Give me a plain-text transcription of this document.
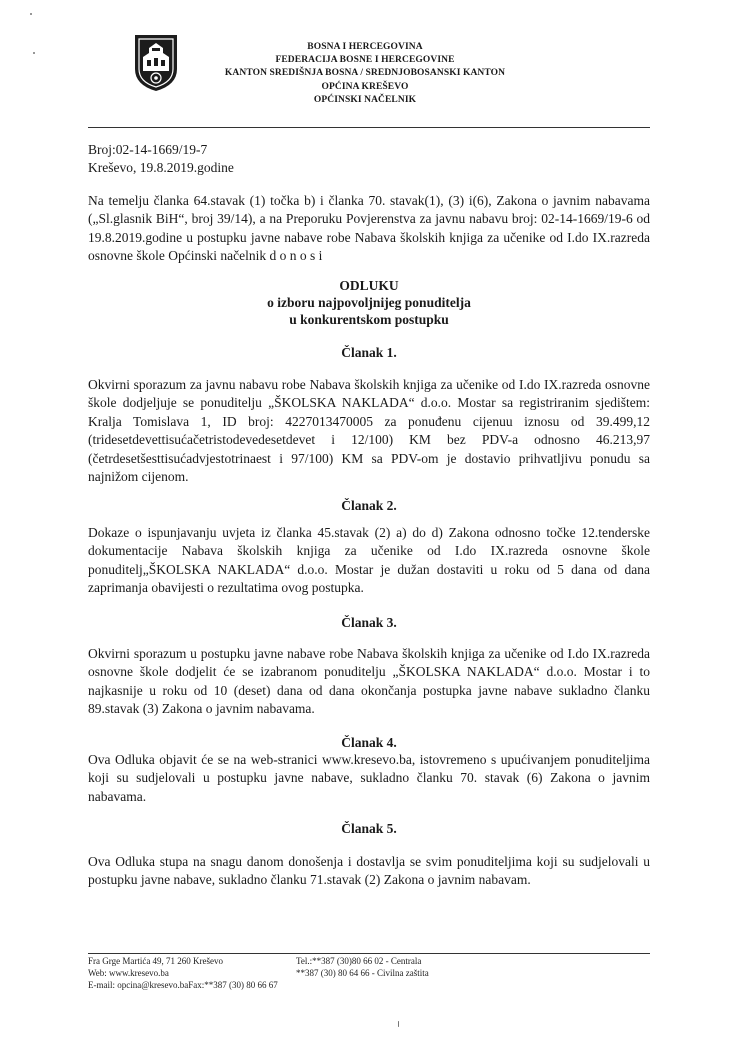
BOSNA I HERCEGOVINA
FEDERACIJA BOSNE I HERCEGOVINE
KANTON SREDIŠNJA BOSNA / SREDNJOBOSANSKI KANTON
OPĆINA KREŠEVO
OPĆINSKI NAČELNIK
Broj:02-14-1669/19-7
Kreševo, 19.8.2019.godine

Na temelju članka 64.stavak (1) točka b) i članka 70. stavak(1), (3) i(6), Zakona o javnim nabavama („Sl.glasnik BiH“, broj 39/14), a na Preporuku Povjerenstva za javnu nabavu broj: 02-14-1669/19-6 od 19.8.2019.godine u postupku javne nabave robe Nabava školskih knjiga za učenike od I.do IX.razreda osnovne škole Općinski načelnik d o n o s i

ODLUKU
o izboru najpovoljnijeg ponuditelja
u konkurentskom postupku
Članak 1.

Okvirni sporazum za javnu nabavu robe Nabava školskih knjiga za učenike od I.do IX.razreda osnovne škole dodjeljuje se ponuditelju „ŠKOLSKA NAKLADA“ d.o.o. Mostar sa registriranim sjedištem: Kralja Tomislava 1, ID broj: 4227013470005 za ponuđenu cijenuu iznosu od 39.499,12 (tridesetdevettisućačetristodevedesetdevet i 12/100) KM bez PDV-a odnosno 46.213,97 (četrdesetšesttisućadvjestotrinaest i 97/100) KM sa PDV-om je dostavio prihvatljivu ponudu sa najnižom cijenom.

Članak 2.

Dokaze o ispunjavanju uvjeta iz članka 45.stavak (2) a) do d) Zakona odnosno točke 12.tenderske dokumentacije Nabava školskih knjiga za učenike od I.do IX.razreda osnovne škole ponuditelj„ŠKOLSKA NAKLADA“ d.o.o. Mostar je dužan dostaviti u roku od 5 dana od dana zaprimanja obavijesti o rezultatima ovog postupka.

Članak 3.

Okvirni sporazum u postupku javne nabave robe Nabava školskih knjiga za učenike od I.do IX.razreda osnovne škole dodjelit će se izabranom ponuditelju „ŠKOLSKA NAKLADA“ d.o.o. Mostar i to najkasnije u roku od 10 (deset) dana od dana okončanja postupka javne nabave sukladno članku 89.stavak (3) Zakona o javnim nabavama.

Članak 4.

Ova Odluka objavit će se na web-stranici www.kresevo.ba, istovremeno s upućivanjem ponuditeljima koji su sudjelovali u postupku javne nabave, sukladno članku 70. stavak (6) Zakona o javnim nabavama.

Članak 5.

Ova Odluka stupa na snagu danom donošenja i dostavlja se svim ponuditeljima koji su sudjelovali u postupku javne nabave, sukladno članku 71.stavak (2) Zakona o javnim nabavam.

Fra Grge Martića 49, 71 260 Kreševo
Web: www.kresevo.ba
E-mail: opcina@kresevo.baFax:**387 (30) 80 66 67
Tel.:**387 (30)80 66 02 - Centrala
**387 (30) 80 64 66 - Civilna zaštita
